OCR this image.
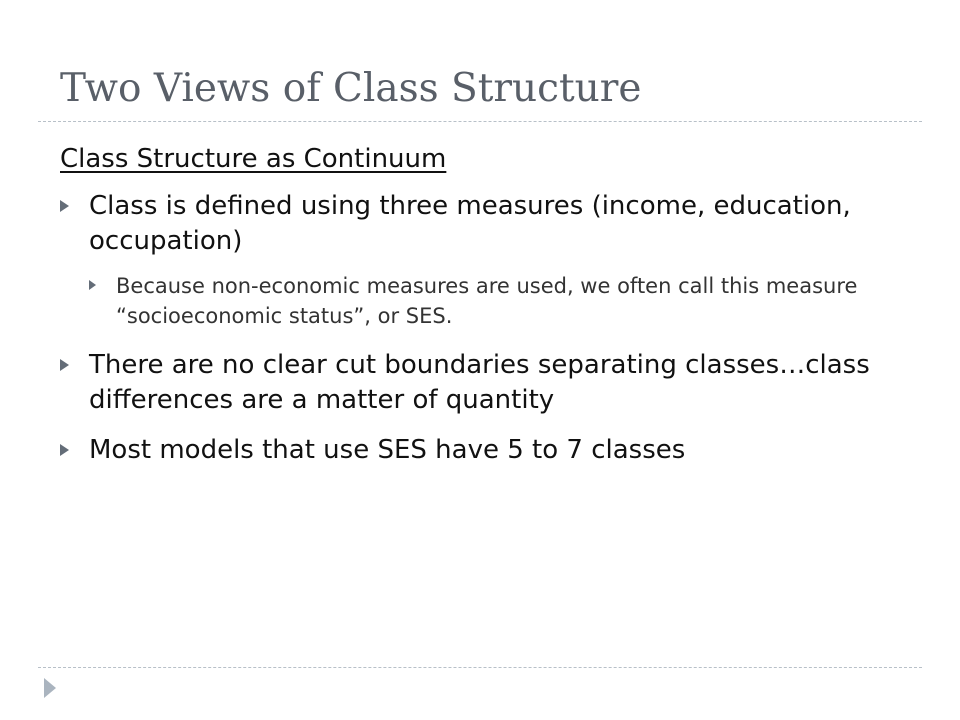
Two Views of Class Structure
Class Structure as Continuum
Class is defined using three measures (income, education, occupation)
Because non-economic measures are used, we often call this measure “socioeconomic status”, or SES.
There are no clear cut boundaries separating classes…class differences are a matter of quantity
Most models that use SES have 5 to 7 classes
